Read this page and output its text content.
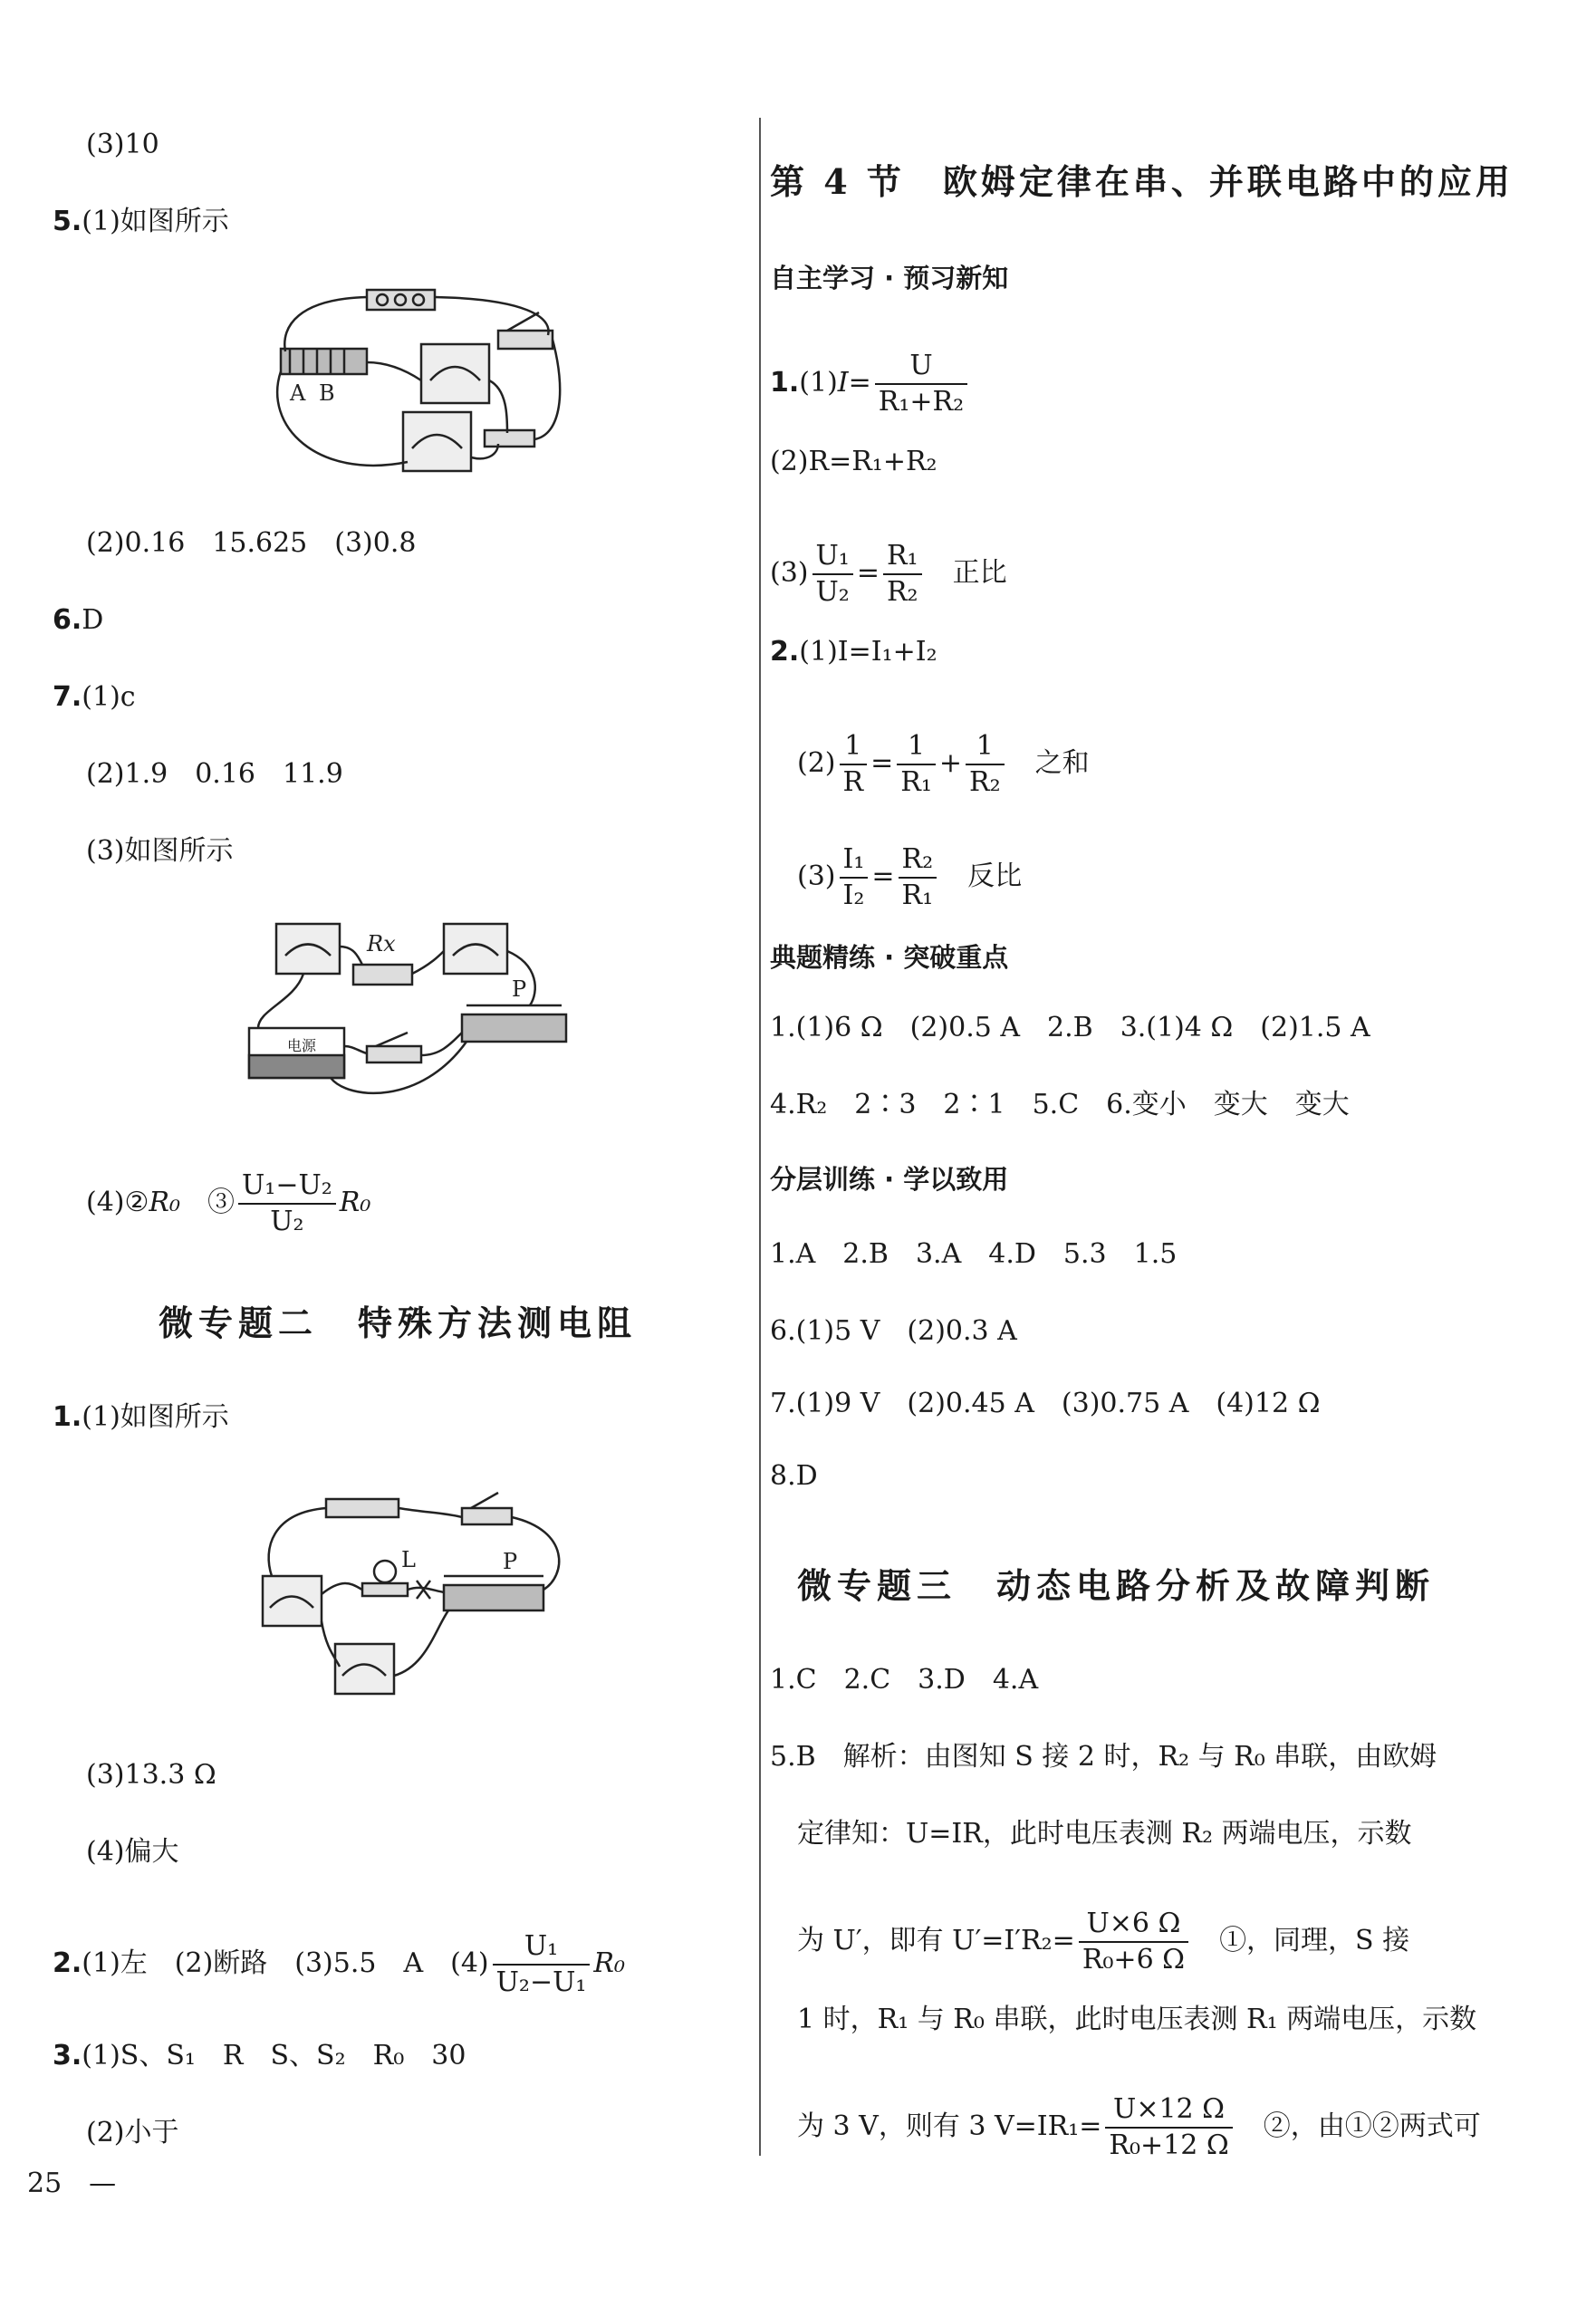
(3)10
5.(1)如图所示
A B
(2)0.16　15.625　(3)0.8
6.D
7.(1)c
(2)1.9　0.16　11.9
(3)如图所示
电源
Rx
P
(4)②R₀　 ③ $\frac{\text{U₁−U₂}}{\text{U₂}} R_0$
微专题二　特殊方法测电阻
1.(1)如图所示
L	P
(3)13.3 Ω
(4)偏大
2.(1)左　(2)断路　(3)5.5　A　$(4) \frac{\text{U₁}}{\text{U₂−U₁}} R_0$
3.(1)S、S₁　R　S、S₂　R₀　30
(2)小于
25　—
第 4 节　欧姆定律在串、并联电路中的应用
自主学习 · 预习新知
$1.(1)I= \frac{U}{\text{R₁+R₂}}$
(2)R=R₁+R₂
$(3) \frac{\text{U₁}}{\text{U₂}} = \frac{\text{R₁}}{\text{R₂}}$
　 正比
2.(1)I=I₁+I₂
$(2) \frac{1}{R} = \frac{1}{\text{R₁}} + \frac{1}{\text{R₂}}$
　 之和
$(3) \frac{\text{I₁}}{\text{I₂}} = \frac{\text{R₂}}{\text{R₁}}$
　 反比
典题精练 · 突破重点
1.(1)6 Ω　(2)0.5 A　2.B　3.(1)4 Ω　(2)1.5 A
4.R₂　2∶3　2∶1　5.C　6.变小　变大　变大
分层训练 · 学以致用
1.A　2.B　3.A　4.D　5.3　1.5
6.(1)5 V　(2)0.3 A
7.(1)9 V　(2)0.45 A　(3)0.75 A　(4)12 Ω
8.D
微专题三　动态电路分析及故障判断
1.C　2.C　3.D　4.A
5.B　解析：由图知 S 接 2 时，R₂ 与 R₀ 串联，由欧姆
定律知：U=IR，此时电压表测 R₂ 两端电压，示数
为 U′，即有 $U'=I'R_2= \frac{U\times 6 \Omega}{\text{R₀+6 Ω}}$
　 ①，同理，S 接
1 时，R₁ 与 R₀ 串联，此时电压表测 R₁ 两端电压，示数
为 3 V，则有 3 $V=IR_1= \frac{U\times 12 \Omega}{\text{R₀+12 Ω}}$
　 ②，由①②两式可
